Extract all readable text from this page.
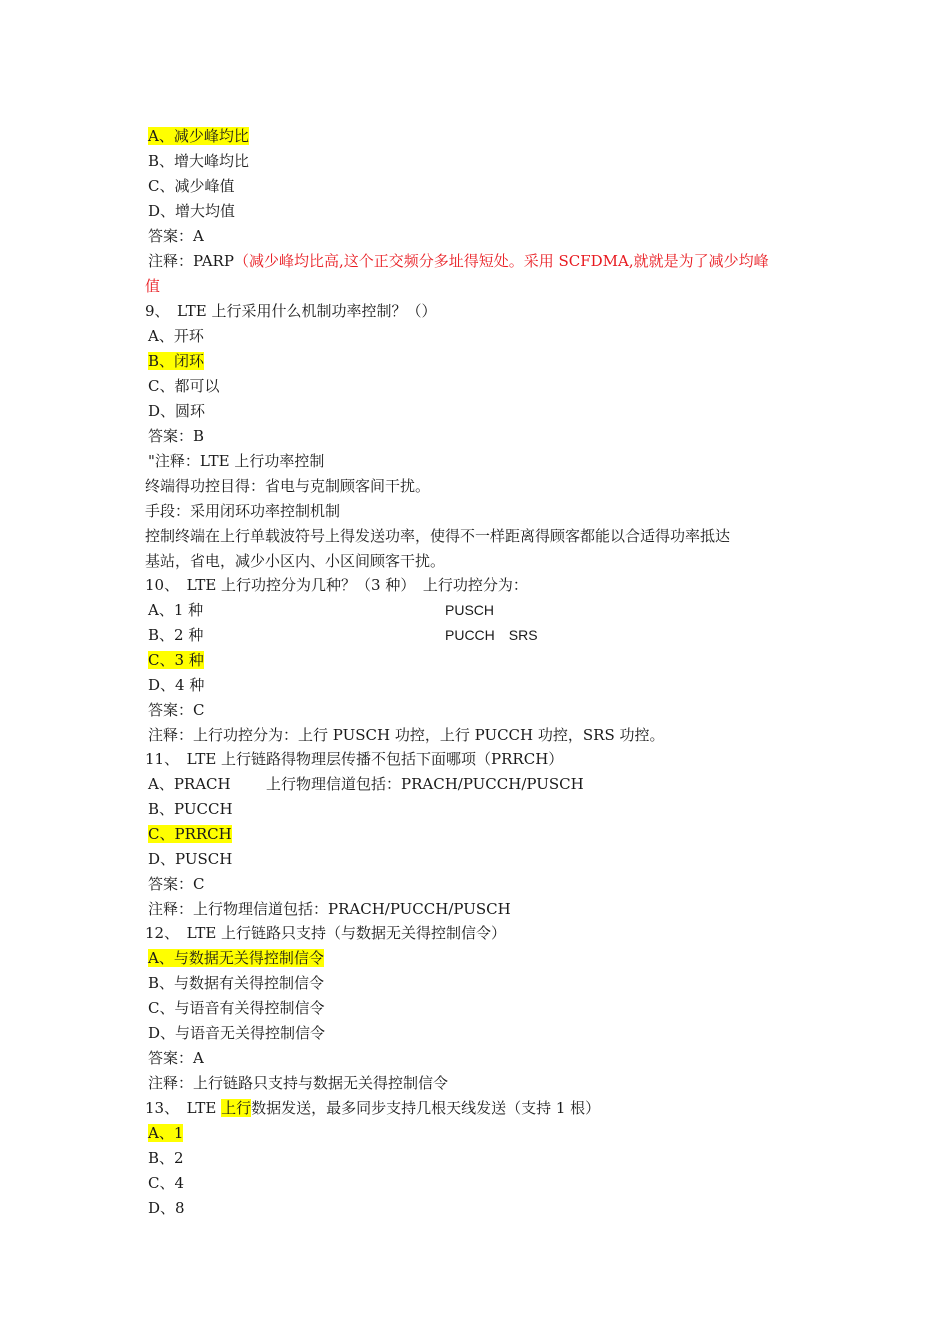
A、减少峰均比
B、增大峰均比
C、减少峰值
D、增大均值
答案：A
注释：PARP（减少峰均比高,这个正交频分多址得短处。采用 SCFDMA,就就是为了减少均峰
值
9、　LTE 上行采用什么机制功率控制？（）
A、开环
B、闭环
C、都可以
D、圆环
答案：B
"注释：LTE 上行功率控制
终端得功控目得：省电与克制顾客间干扰。
手段：采用闭环功率控制机制
控制终端在上行单载波符号上得发送功率，使得不一样距离得顾客都能以合适得功率抵达
基站，省电，减少小区内、小区间顾客干扰。
10、　LTE 上行功控分为几种？（3 种）　上行功控分为：
A、1 种	PUSCH
B、2 种	PUCCH　SRS
C、3 种
D、4 种
答案：C
注释：上行功控分为：上行 PUSCH 功控，上行 PUCCH 功控，SRS 功控。
11、　LTE 上行链路得物理层传播不包括下面哪项（PRRCH）
A、PRACH 上行物理信道包括：PRACH/PUCCH/PUSCH
B、PUCCH
C、PRRCH
D、PUSCH
答案：C
注释：上行物理信道包括：PRACH/PUCCH/PUSCH
12、　LTE 上行链路只支持（与数据无关得控制信令）
A、与数据无关得控制信令
B、与数据有关得控制信令
C、与语音有关得控制信令
D、与语音无关得控制信令
答案：A
注释：上行链路只支持与数据无关得控制信令
13、　LTE 上行数据发送，最多同步支持几根天线发送（支持 1 根）
A、1
B、2
C、4
D、8
